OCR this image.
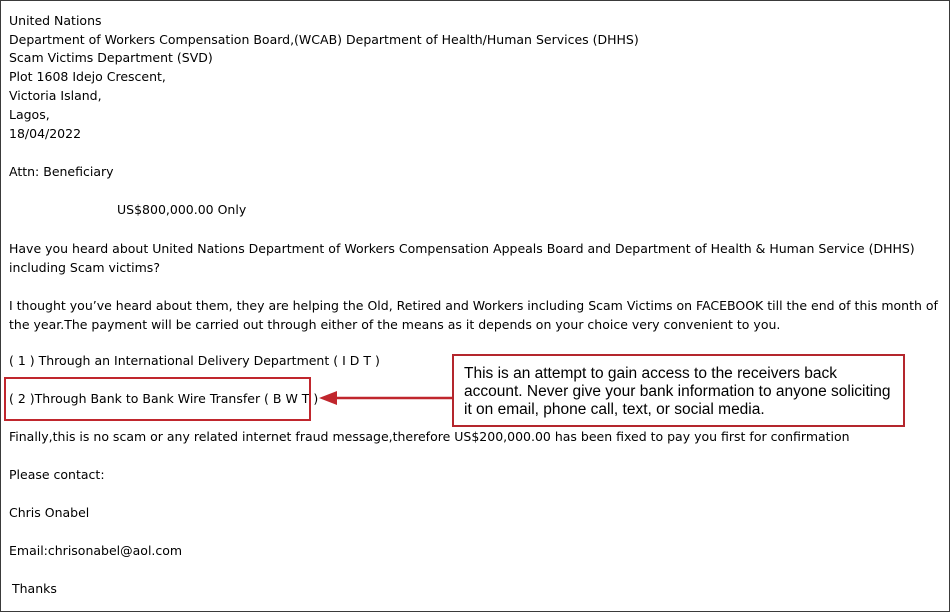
United Nations

Department of Workers Compensation Board,(WCAB) Department of Health/Human Services (DHHS)

Scam Victims Department (SVD)

Plot 1608 Idejo Crescent,

Victoria Island,

Lagos,

18/04/2022

Attn: Beneficiary

US$800,000.00 Only

Have you heard about United Nations Department of Workers Compensation Appeals Board and Department of Health & Human Service (DHHS) including Scam victims?

I thought you’ve heard about them, they are helping the Old, Retired and Workers including Scam Victims on FACEBOOK till the end of this month of the year.The payment will be carried out through either of the means as it depends on your choice very convenient to you.

( 1 ) Through an International Delivery Department ( I D T )

( 2 )Through Bank to Bank Wire Transfer ( B W T )

Finally,this is no scam or any related internet fraud message,therefore US$200,000.00 has been fixed to pay you first for confirmation

Please contact:

Chris Onabel

Email:chrisonabel@aol.com

Thanks

This is an attempt to gain access to the receivers back account. Never give your bank information to anyone soliciting it on email, phone call, text, or social media.
